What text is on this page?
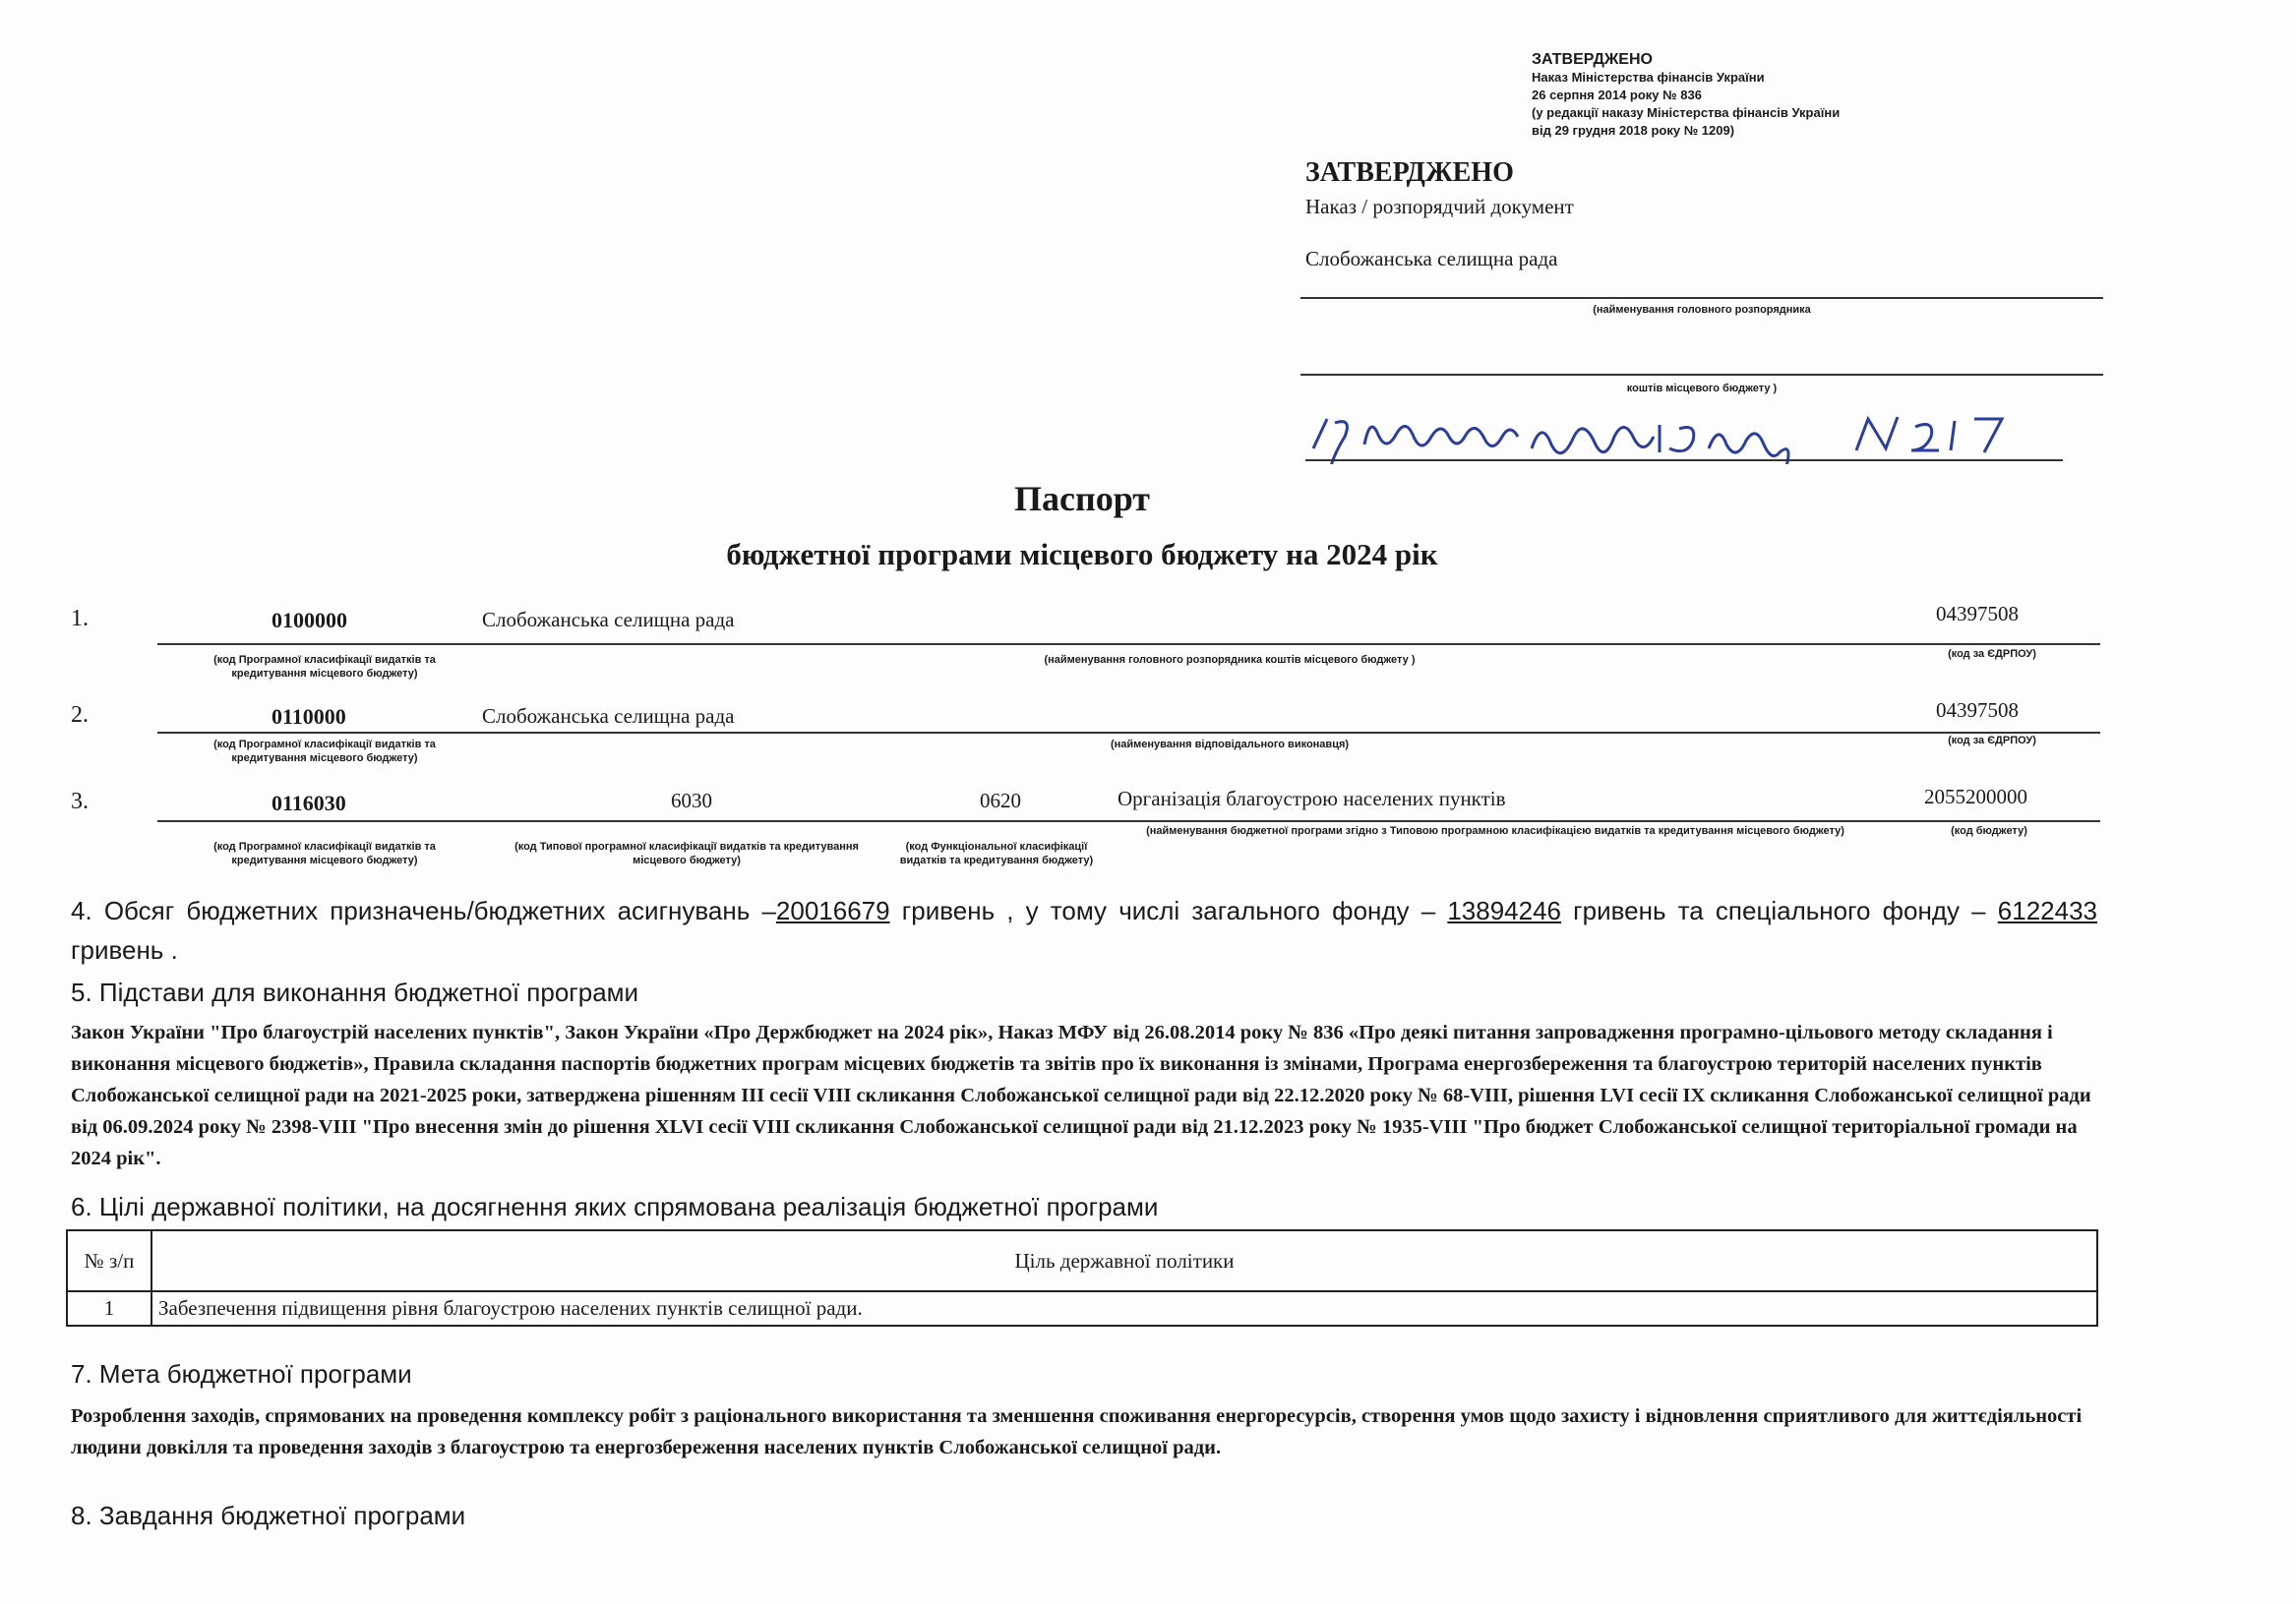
ЗАТВЕРДЖЕНО
Наказ Міністерства фінансів України
26 серпня 2014 року № 836
(у редакції наказу Міністерства фінансів України
від 29 грудня 2018 року № 1209)
ЗАТВЕРДЖЕНО
Наказ / розпорядчий документ
Слобожанська селищна рада
(найменування головного розпорядника
коштів місцевого бюджету )
Паспорт
бюджетної програми місцевого бюджету на 2024 рік
1.	0100000	Слобожанська селищна рада	04397508
(код Програмної класифікації видатків та кредитування місцевого бюджету)
(найменування головного розпорядника коштів місцевого бюджету )	(код за ЄДРПОУ)
2.	0110000	Слобожанська селищна рада	04397508
(код Програмної класифікації видатків та кредитування місцевого бюджету)
(найменування відповідального виконавця)	(код за ЄДРПОУ)
3.	0116030	6030	0620	Організація благоустрою населених пунктів	2055200000
(код Програмної класифікації видатків та кредитування місцевого бюджету)
(код Типової програмної класифікації видатків та кредитування місцевого бюджету)
(код Функціональної класифікації видатків та кредитування бюджету)
(найменування бюджетної програми згідно з Типовою програмною класифікацією видатків та кредитування місцевого бюджету)	(код бюджету)
4. Обсяг бюджетних призначень/бюджетних асигнувань –20016679 гривень , у тому числі загального фонду – 13894246 гривень та спеціального фонду – 6122433 гривень .
5. Підстави для виконання бюджетної програми
Закон України "Про благоустрій населених пунктів", Закон України «Про Держбюджет на 2024 рік», Наказ МФУ від 26.08.2014 року № 836 «Про деякі питання запровадження програмно-цільового методу складання і виконання місцевого бюджетів», Правила складання паспортів бюджетних програм місцевих бюджетів та звітів про їх виконання із змінами, Програма енергозбереження та благоустрою територій населених пунктів Слобожанської селищної ради на 2021-2025 роки, затверджена рішенням ІІІ сесії VIII скликання Слобожанської селищної ради від 22.12.2020 року № 68-VIII, рішення LVI сесії IX скликання Слобожанської селищної ради від 06.09.2024 року № 2398-VIII "Про внесення змін до рішення XLVI сесії VIII скликання Слобожанської селищної ради від 21.12.2023 року № 1935-VIII "Про бюджет Слобожанської селищної територіальної громади на 2024 рік".
6. Цілі державної політики, на досягнення яких спрямована реалізація бюджетної програми
№ з/п	Ціль державної політики
1	Забезпечення підвищення рівня благоустрою населених пунктів селищної ради.
7. Мета бюджетної програми
Розроблення заходів, спрямованих на проведення комплексу робіт з раціонального використання та зменшення споживання енергоресурсів, створення умов щодо захисту і відновлення сприятливого для життєдіяльності людини довкілля та проведення заходів з благоустрою та енергозбереження населених пунктів Слобожанської селищної ради.
8. Завдання бюджетної програми
